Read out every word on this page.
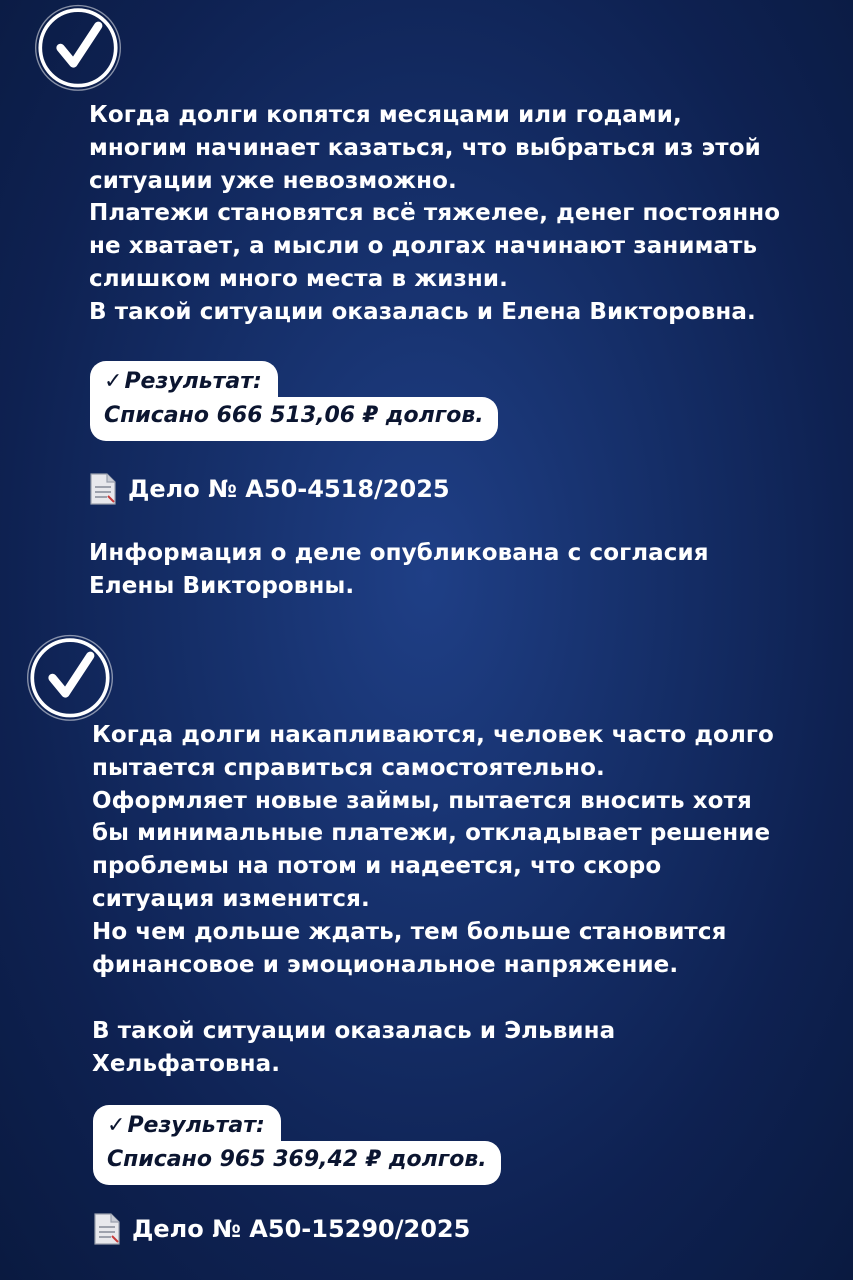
Когда долги копятся месяцами или годами,
многим начинает казаться, что выбраться из этой
ситуации уже невозможно.
Платежи становятся всё тяжелее, денег постоянно
не хватает, а мысли о долгах начинают занимать
слишком много места в жизни.
В такой ситуации оказалась и Елена Викторовна.
✓Результат:
Списано 666 513,06 ₽ долгов.
Дело № А50-4518/2025
Информация о деле опубликована с согласия
Елены Викторовны.
Когда долги накапливаются, человек часто долго
пытается справиться самостоятельно.
Оформляет новые займы, пытается вносить хотя
бы минимальные платежи, откладывает решение
проблемы на потом и надеется, что скоро
ситуация изменится.
Но чем дольше ждать, тем больше становится
финансовое и эмоциональное напряжение.
В такой ситуации оказалась и Эльвина
Хельфатовна.
✓Результат:
Списано 965 369,42 ₽ долгов.
Дело № А50-15290/2025
